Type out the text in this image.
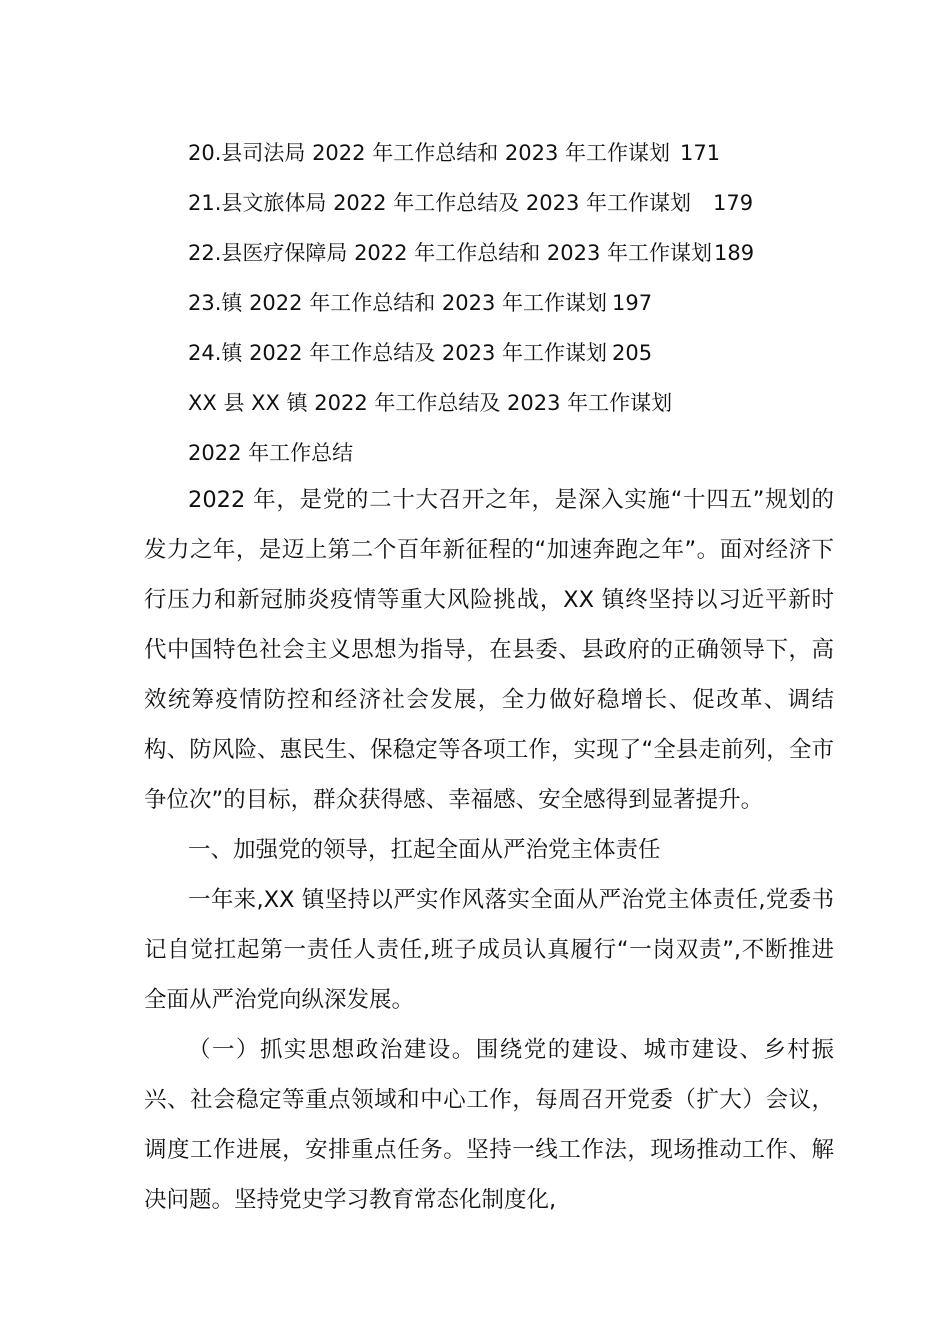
20.县司法局 2022 年工作总结和 2023 年工作谋划 171
21.县文旅体局 2022 年工作总结及 2023 年工作谋划 179
22.县医疗保障局 2022 年工作总结和 2023 年工作谋划 189
23.镇 2022 年工作总结和 2023 年工作谋划 197
24.镇 2022 年工作总结及 2023 年工作谋划 205
XX 县 XX 镇 2022 年工作总结及 2023 年工作谋划
2022 年工作总结

2022 年，是党的二十大召开之年，是深入实施“十四五”规划的发力之年，是迈上第二个百年新征程的“加速奔跑之年”。面对经济下行压力和新冠肺炎疫情等重大风险挑战，XX 镇终坚持以习近平新时代中国特色社会主义思想为指导，在县委、县政府的正确领导下，高效统筹疫情防控和经济社会发展，全力做好稳增长、促改革、调结构、防风险、惠民生、保稳定等各项工作，实现了“全县走前列，全市争位次”的目标，群众获得感、幸福感、安全感得到显著提升。

一、加强党的领导，扛起全面从严治党主体责任

一年来,XX 镇坚持以严实作风落实全面从严治党主体责任,党委书记自觉扛起第一责任人责任,班子成员认真履行“一岗双责”,不断推进全面从严治党向纵深发展。

（一）抓实思想政治建设。围绕党的建设、城市建设、乡村振兴、社会稳定等重点领域和中心工作，每周召开党委（扩大）会议，调度工作进展，安排重点任务。坚持一线工作法，现场推动工作、解决问题。坚持党史学习教育常态化制度化,
